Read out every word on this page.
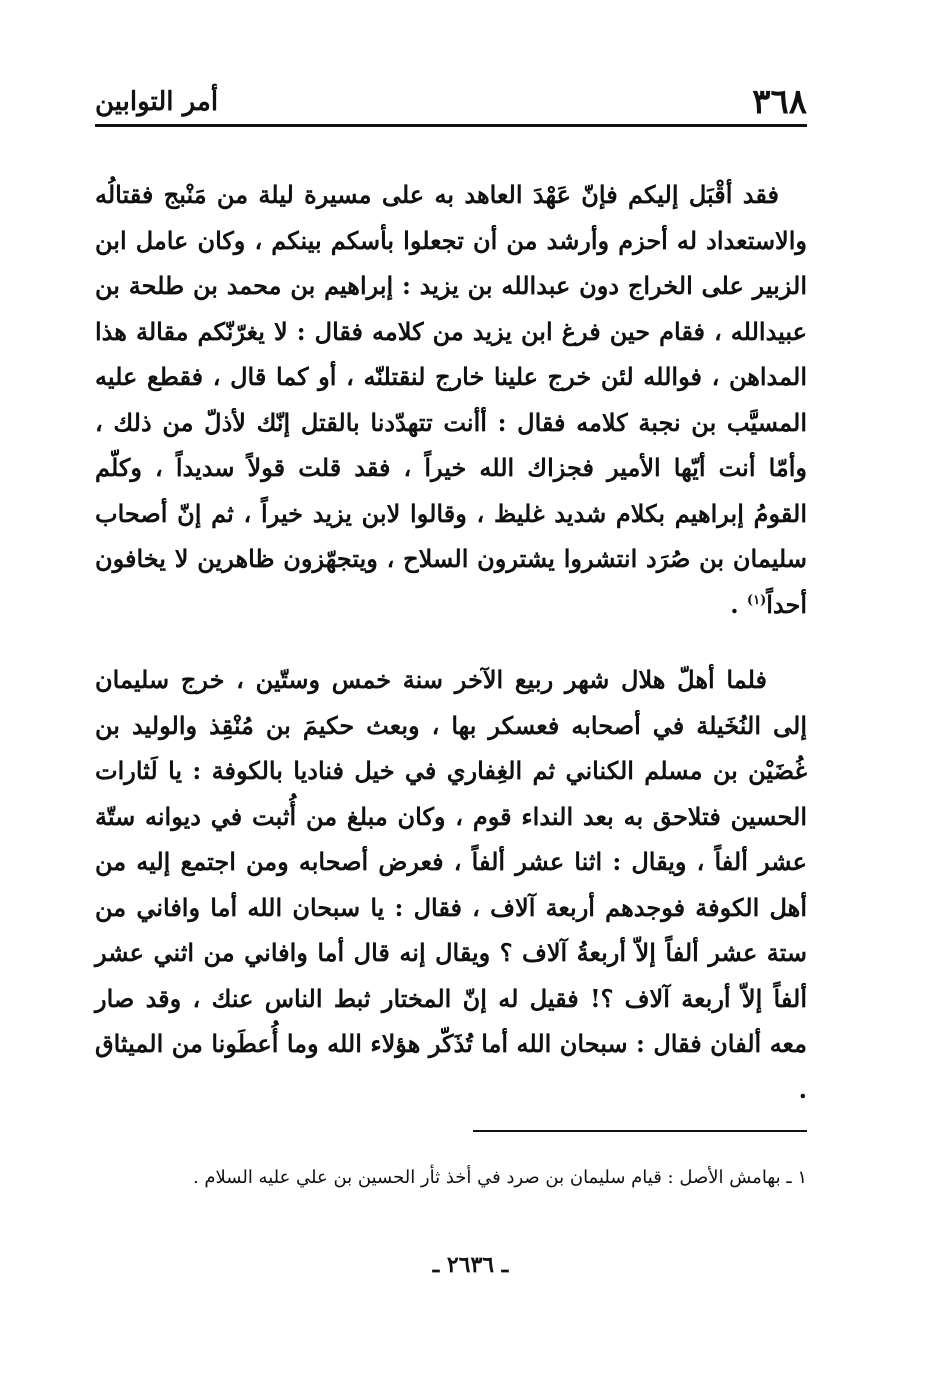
٣٦٨
أمر التوابين

فقد أقْبَل إليكم فإنّ عَهْدَ العاهد به على مسيرة ليلة من مَنْبج فقتالُه والاستعداد له أحزم وأرشد من أن تجعلوا بأسكم بينكم ، وكان عامل ابن الزبير على الخراج دون عبدالله بن يزيد : إبراهيم بن محمد بن طلحة بن عبيدالله ، فقام حين فرغ ابن يزيد من كلامه فقال : لا يغرّنّكم مقالة هذا المداهن ، فوالله لئن خرج علينا خارج لنقتلنّه ، أو كما قال ، فقطع عليه المسيَّب بن نجبة كلامه فقال : أأنت تتهدّدنا بالقتل إنّك لأذلّ من ذلك ، وأمّا أنت أيّها الأمير فجزاك الله خيراً ، فقد قلت قولاً سديداً ، وكلّم القومُ إبراهيم بكلام شديد غليظ ، وقالوا لابن يزيد خيراً ، ثم إنّ أصحاب سليمان بن صُرَد انتشروا يشترون السلاح ، ويتجهّزون ظاهرين لا يخافون أحداً$^{(١)}$ .

فلما أهلّ هلال شهر ربيع الآخر سنة خمس وستّين ، خرج سليمان إلى النُخَيلة في أصحابه فعسكر بها ، وبعث حكيمَ بن مُنْقِذ والوليد بن غُضَيْن بن مسلم الكناني ثم الغِفاري في خيل فناديا بالكوفة : يا لَثارات الحسين فتلاحق به بعد النداء قوم ، وكان مبلغ من أُثبت في ديوانه ستّة عشر ألفاً ، ويقال : اثنا عشر ألفاً ، فعرض أصحابه ومن اجتمع إليه من أهل الكوفة فوجدهم أربعة آلاف ، فقال : يا سبحان الله أما وافاني من ستة عشر ألفاً إلاّ أربعةُ آلاف ؟ ويقال إنه قال أما وافاني من اثني عشر ألفاً إلاّ أربعة آلاف ؟! فقيل له إنّ المختار ثبط الناس عنك ، وقد صار معه ألفان فقال : سبحان الله أما تُذَكّر هؤلاء الله وما أُعطَونا من الميثاق .

١ ـ بهامش الأصل : قيام سليمان بن صرد في أخذ ثأر الحسين بن علي عليه السلام .
ـ ٢٦٣٦ ـ
